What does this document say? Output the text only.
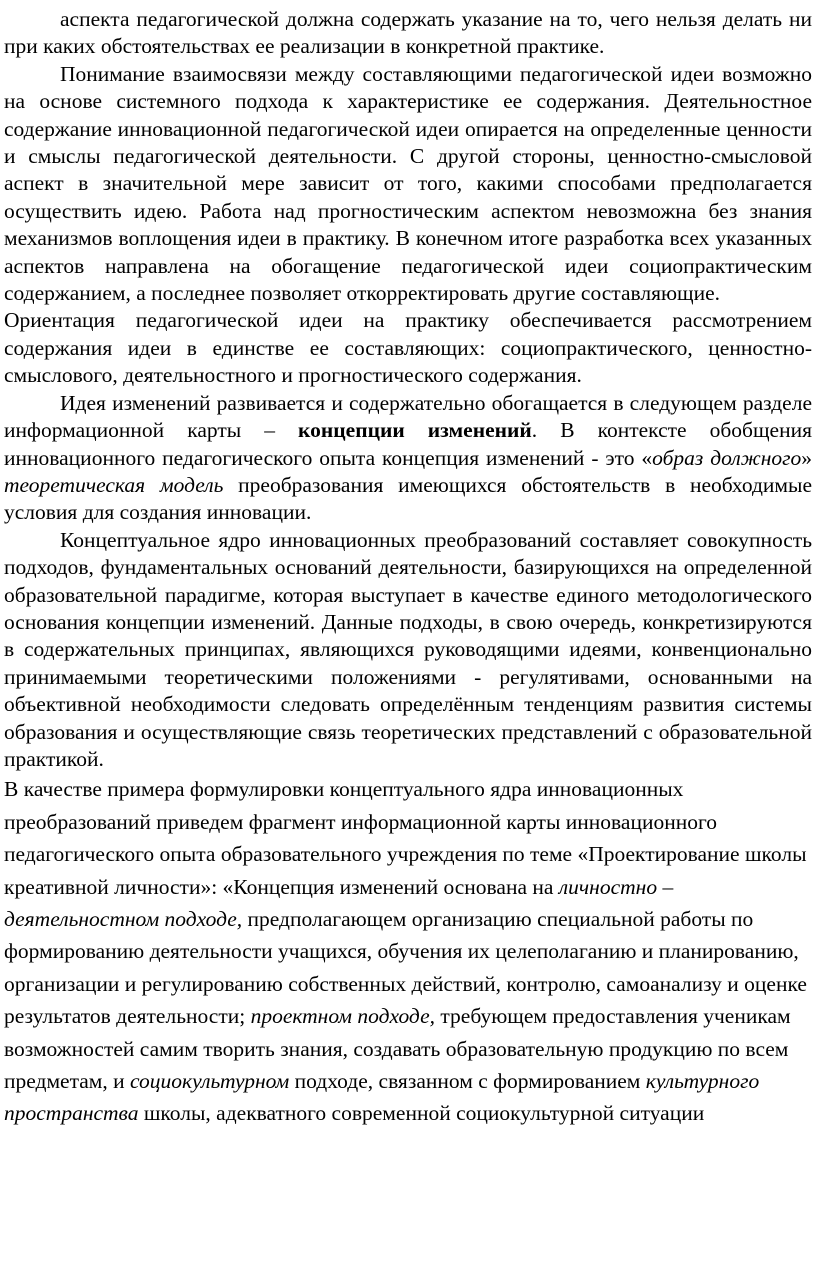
аспекта педагогической должна содержать указание на то, чего нельзя делать ни при каких обстоятельствах ее реализации в конкретной практике.

Понимание взаимосвязи между составляющими педагогической идеи возможно на основе системного подхода к характеристике ее содержания. Деятельностное содержание инновационной педагогической идеи опирается на определенные ценности и смыслы педагогической деятельности. С другой стороны, ценностно-смысловой аспект в значительной мере зависит от того, какими способами предполагается осуществить идею. Работа над прогностическим аспектом невозможна без знания механизмов воплощения идеи в практику. В конечном итоге разработка всех указанных аспектов направлена на обогащение педагогической идеи социопрактическим содержанием, а последнее позволяет откорректировать другие составляющие.

Ориентация педагогической идеи на практику обеспечивается рассмотрением содержания идеи в единстве ее составляющих: социопрактического, ценностно-смыслового, деятельностного и прогностического содержания.

Идея изменений развивается и содержательно обогащается в следующем разделе информационной карты – концепции изменений. В контексте обобщения инновационного педагогического опыта концепция изменений - это «образ должного» теоретическая модель преобразования имеющихся обстоятельств в необходимые условия для создания инновации.

Концептуальное ядро инновационных преобразований составляет совокупность подходов, фундаментальных оснований деятельности, базирующихся на определенной образовательной парадигме, которая выступает в качестве единого методологического основания концепции изменений. Данные подходы, в свою очередь, конкретизируются в содержательных принципах, являющихся руководящими идеями, конвенционально принимаемыми теоретическими положениями - регулятивами, основанными на объективной необходимости следовать определённым тенденциям развития системы образования и осуществляющие связь теоретических представлений с образовательной практикой.

В качестве примера формулировки концептуального ядра инновационных преобразований приведем фрагмент информационной карты инновационного педагогического опыта образовательного учреждения по теме «Проектирование школы креативной личности»: «Концепция изменений основана на личностно – деятельностном подходе, предполагающем организацию специальной работы по формированию деятельности учащихся, обучения их целеполаганию и планированию, организации и регулированию собственных действий, контролю, самоанализу и оценке результатов деятельности; проектном подходе, требующем предоставления ученикам возможностей самим творить знания, создавать образовательную продукцию по всем предметам, и социокультурном подходе, связанном с формированием культурного пространства школы, адекватного современной социокультурной ситуации
